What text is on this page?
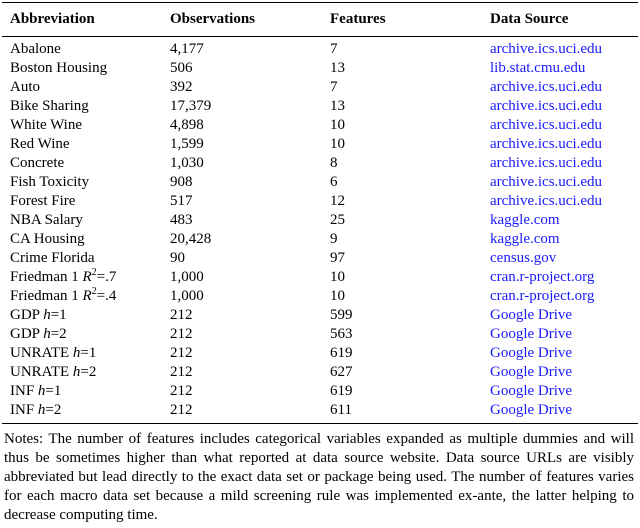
Abbreviation	Observations	Features	Data Source
Abalone	4,177	7	archive.ics.uci.edu
Boston Housing	506	13	lib.stat.cmu.edu
Auto	392	7	archive.ics.uci.edu
Bike Sharing	17,379	13	archive.ics.uci.edu
White Wine	4,898	10	archive.ics.uci.edu
Red Wine	1,599	10	archive.ics.uci.edu
Concrete	1,030	8	archive.ics.uci.edu
Fish Toxicity	908	6	archive.ics.uci.edu
Forest Fire	517	12	archive.ics.uci.edu
NBA Salary	483	25	kaggle.com
CA Housing	20,428	9	kaggle.com
Crime Florida	90	97	census.gov
Friedman 1 $R^2=.7$	1,000	10	cran.r-project.org
Friedman 1 $R^2=.4$	1,000	10	cran.r-project.org
GDP h=1	212	599	Google Drive
GDP h=2	212	563	Google Drive
UNRATE h=1	212	619	Google Drive
UNRATE h=2	212	627	Google Drive
INF h=1	212	619	Google Drive
INF h=2	212	611	Google Drive
Notes: The number of features includes categorical variables expanded as multiple dummies and will thus be sometimes higher than what reported at data source website. Data source URLs are visibly abbreviated but lead directly to the exact data set or package being used. The number of features varies for each macro data set because a mild screening rule was implemented ex-ante, the latter helping to decrease computing time.
